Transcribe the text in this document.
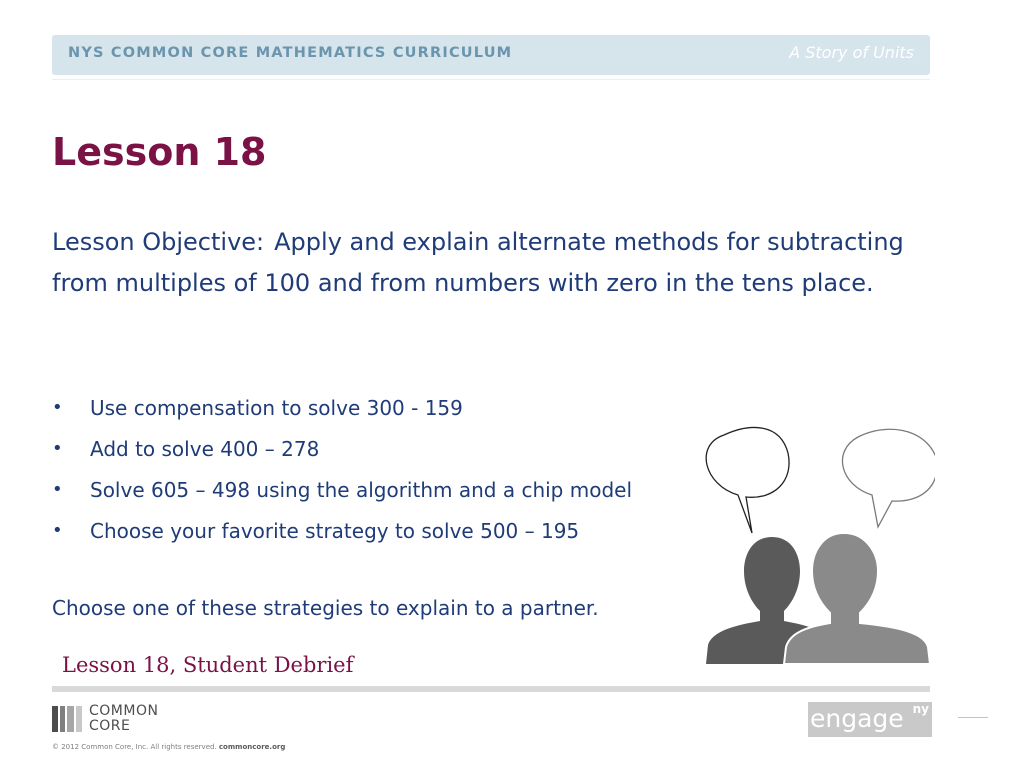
NYS COMMON CORE MATHEMATICS CURRICULUM	A Story of Units
Lesson 18
Lesson Objective: Apply and explain alternate methods for subtracting from multiples of 100 and from numbers with zero in the tens place.
• Use compensation to solve 300 - 159
• Add to solve 400 – 278
• Solve 605 – 498 using the algorithm and a chip model
• Choose your favorite strategy to solve 500 – 195
Choose one of these strategies to explain to a partner.
Lesson 18, Student Debrief
COMMON
CORE
© 2012 Common Core, Inc. All rights reserved. commoncore.org
engage ny
